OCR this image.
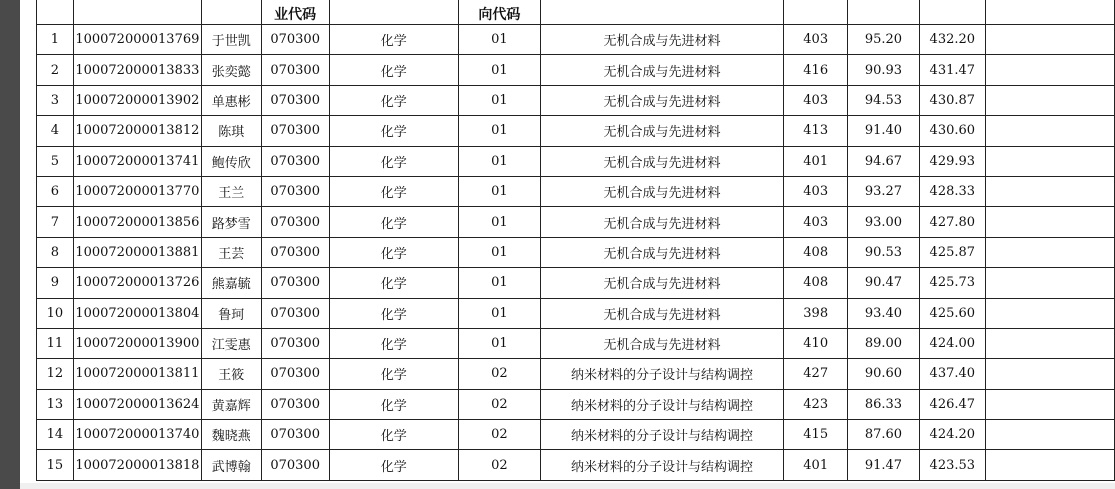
			业代码		向代码					
1	100072000013769	于世凯	070300	化学	01	无机合成与先进材料	403	95.20	432.20	
2	100072000013833	张奕懿	070300	化学	01	无机合成与先进材料	416	90.93	431.47	
3	100072000013902	单惠彬	070300	化学	01	无机合成与先进材料	403	94.53	430.87	
4	100072000013812	陈琪	070300	化学	01	无机合成与先进材料	413	91.40	430.60	
5	100072000013741	鲍传欣	070300	化学	01	无机合成与先进材料	401	94.67	429.93	
6	100072000013770	王兰	070300	化学	01	无机合成与先进材料	403	93.27	428.33	
7	100072000013856	路梦雪	070300	化学	01	无机合成与先进材料	403	93.00	427.80	
8	100072000013881	王芸	070300	化学	01	无机合成与先进材料	408	90.53	425.87	
9	100072000013726	熊嘉毓	070300	化学	01	无机合成与先进材料	408	90.47	425.73	
10	100072000013804	鲁珂	070300	化学	01	无机合成与先进材料	398	93.40	425.60	
11	100072000013900	江雯惠	070300	化学	01	无机合成与先进材料	410	89.00	424.00	
12	100072000013811	王筱	070300	化学	02	纳米材料的分子设计与结构调控	427	90.60	437.40	
13	100072000013624	黄嘉辉	070300	化学	02	纳米材料的分子设计与结构调控	423	86.33	426.47	
14	100072000013740	魏晓燕	070300	化学	02	纳米材料的分子设计与结构调控	415	87.60	424.20	
15	100072000013818	武博翰	070300	化学	02	纳米材料的分子设计与结构调控	401	91.47	423.53	
